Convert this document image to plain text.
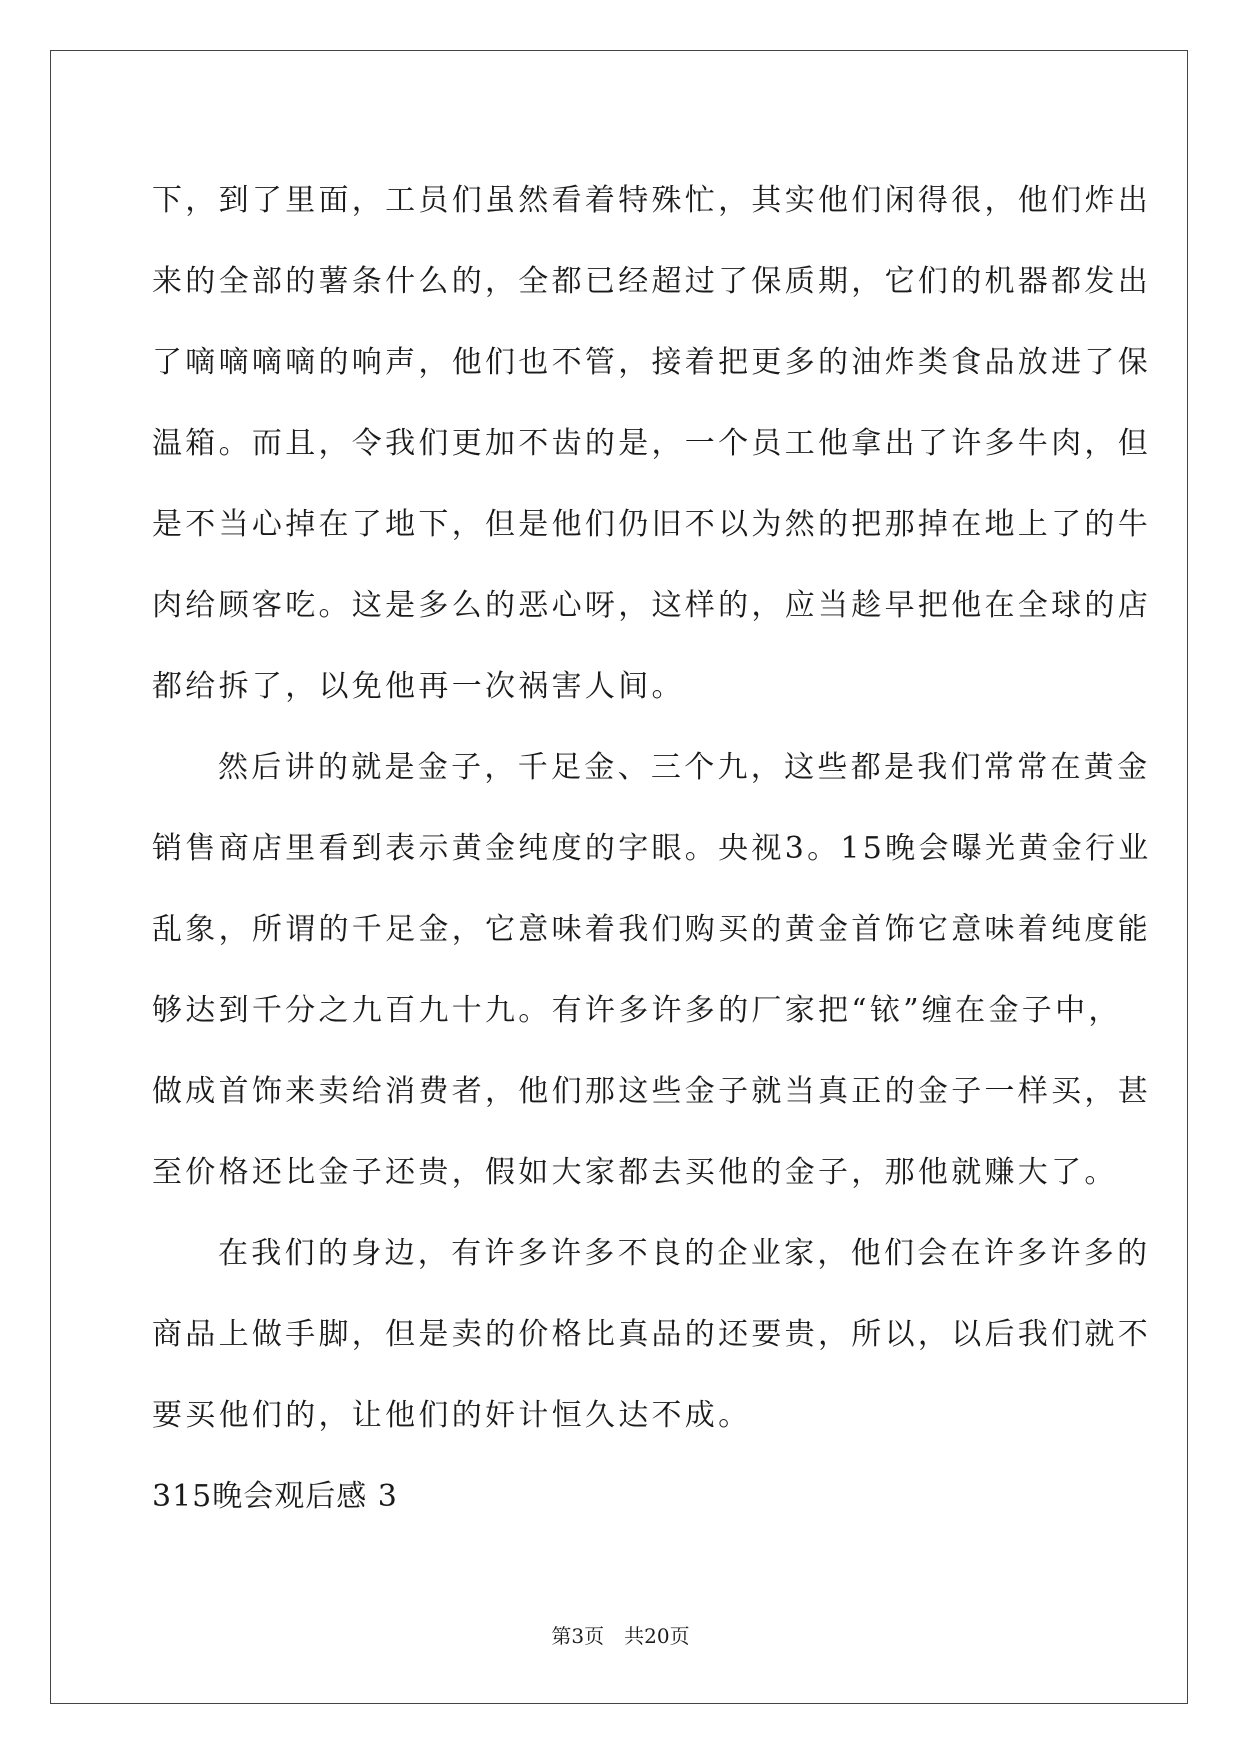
下，到了里面，工员们虽然看着特殊忙，其实他们闲得很，他们炸出
来的全部的薯条什么的，全都已经超过了保质期，它们的机器都发出
了嘀嘀嘀嘀的响声，他们也不管，接着把更多的油炸类食品放进了保
温箱。而且，令我们更加不齿的是，一个员工他拿出了许多牛肉，但
是不当心掉在了地下，但是他们仍旧不以为然的把那掉在地上了的牛
肉给顾客吃。这是多么的恶心呀，这样的，应当趁早把他在全球的店
都给拆了，以免他再一次祸害人间。
然后讲的就是金子，千足金、三个九，这些都是我们常常在黄金
销售商店里看到表示黄金纯度的字眼。央视3。15晚会曝光黄金行业
乱象，所谓的千足金，它意味着我们购买的黄金首饰它意味着纯度能
够达到千分之九百九十九。有许多许多的厂家把“铱”缠在金子中，
做成首饰来卖给消费者，他们那这些金子就当真正的金子一样买，甚
至价格还比金子还贵，假如大家都去买他的金子，那他就赚大了。
在我们的身边，有许多许多不良的企业家，他们会在许多许多的
商品上做手脚，但是卖的价格比真品的还要贵，所以，以后我们就不
要买他们的，让他们的奸计恒久达不成。
315晚会观后感 3
第3页　共20页
